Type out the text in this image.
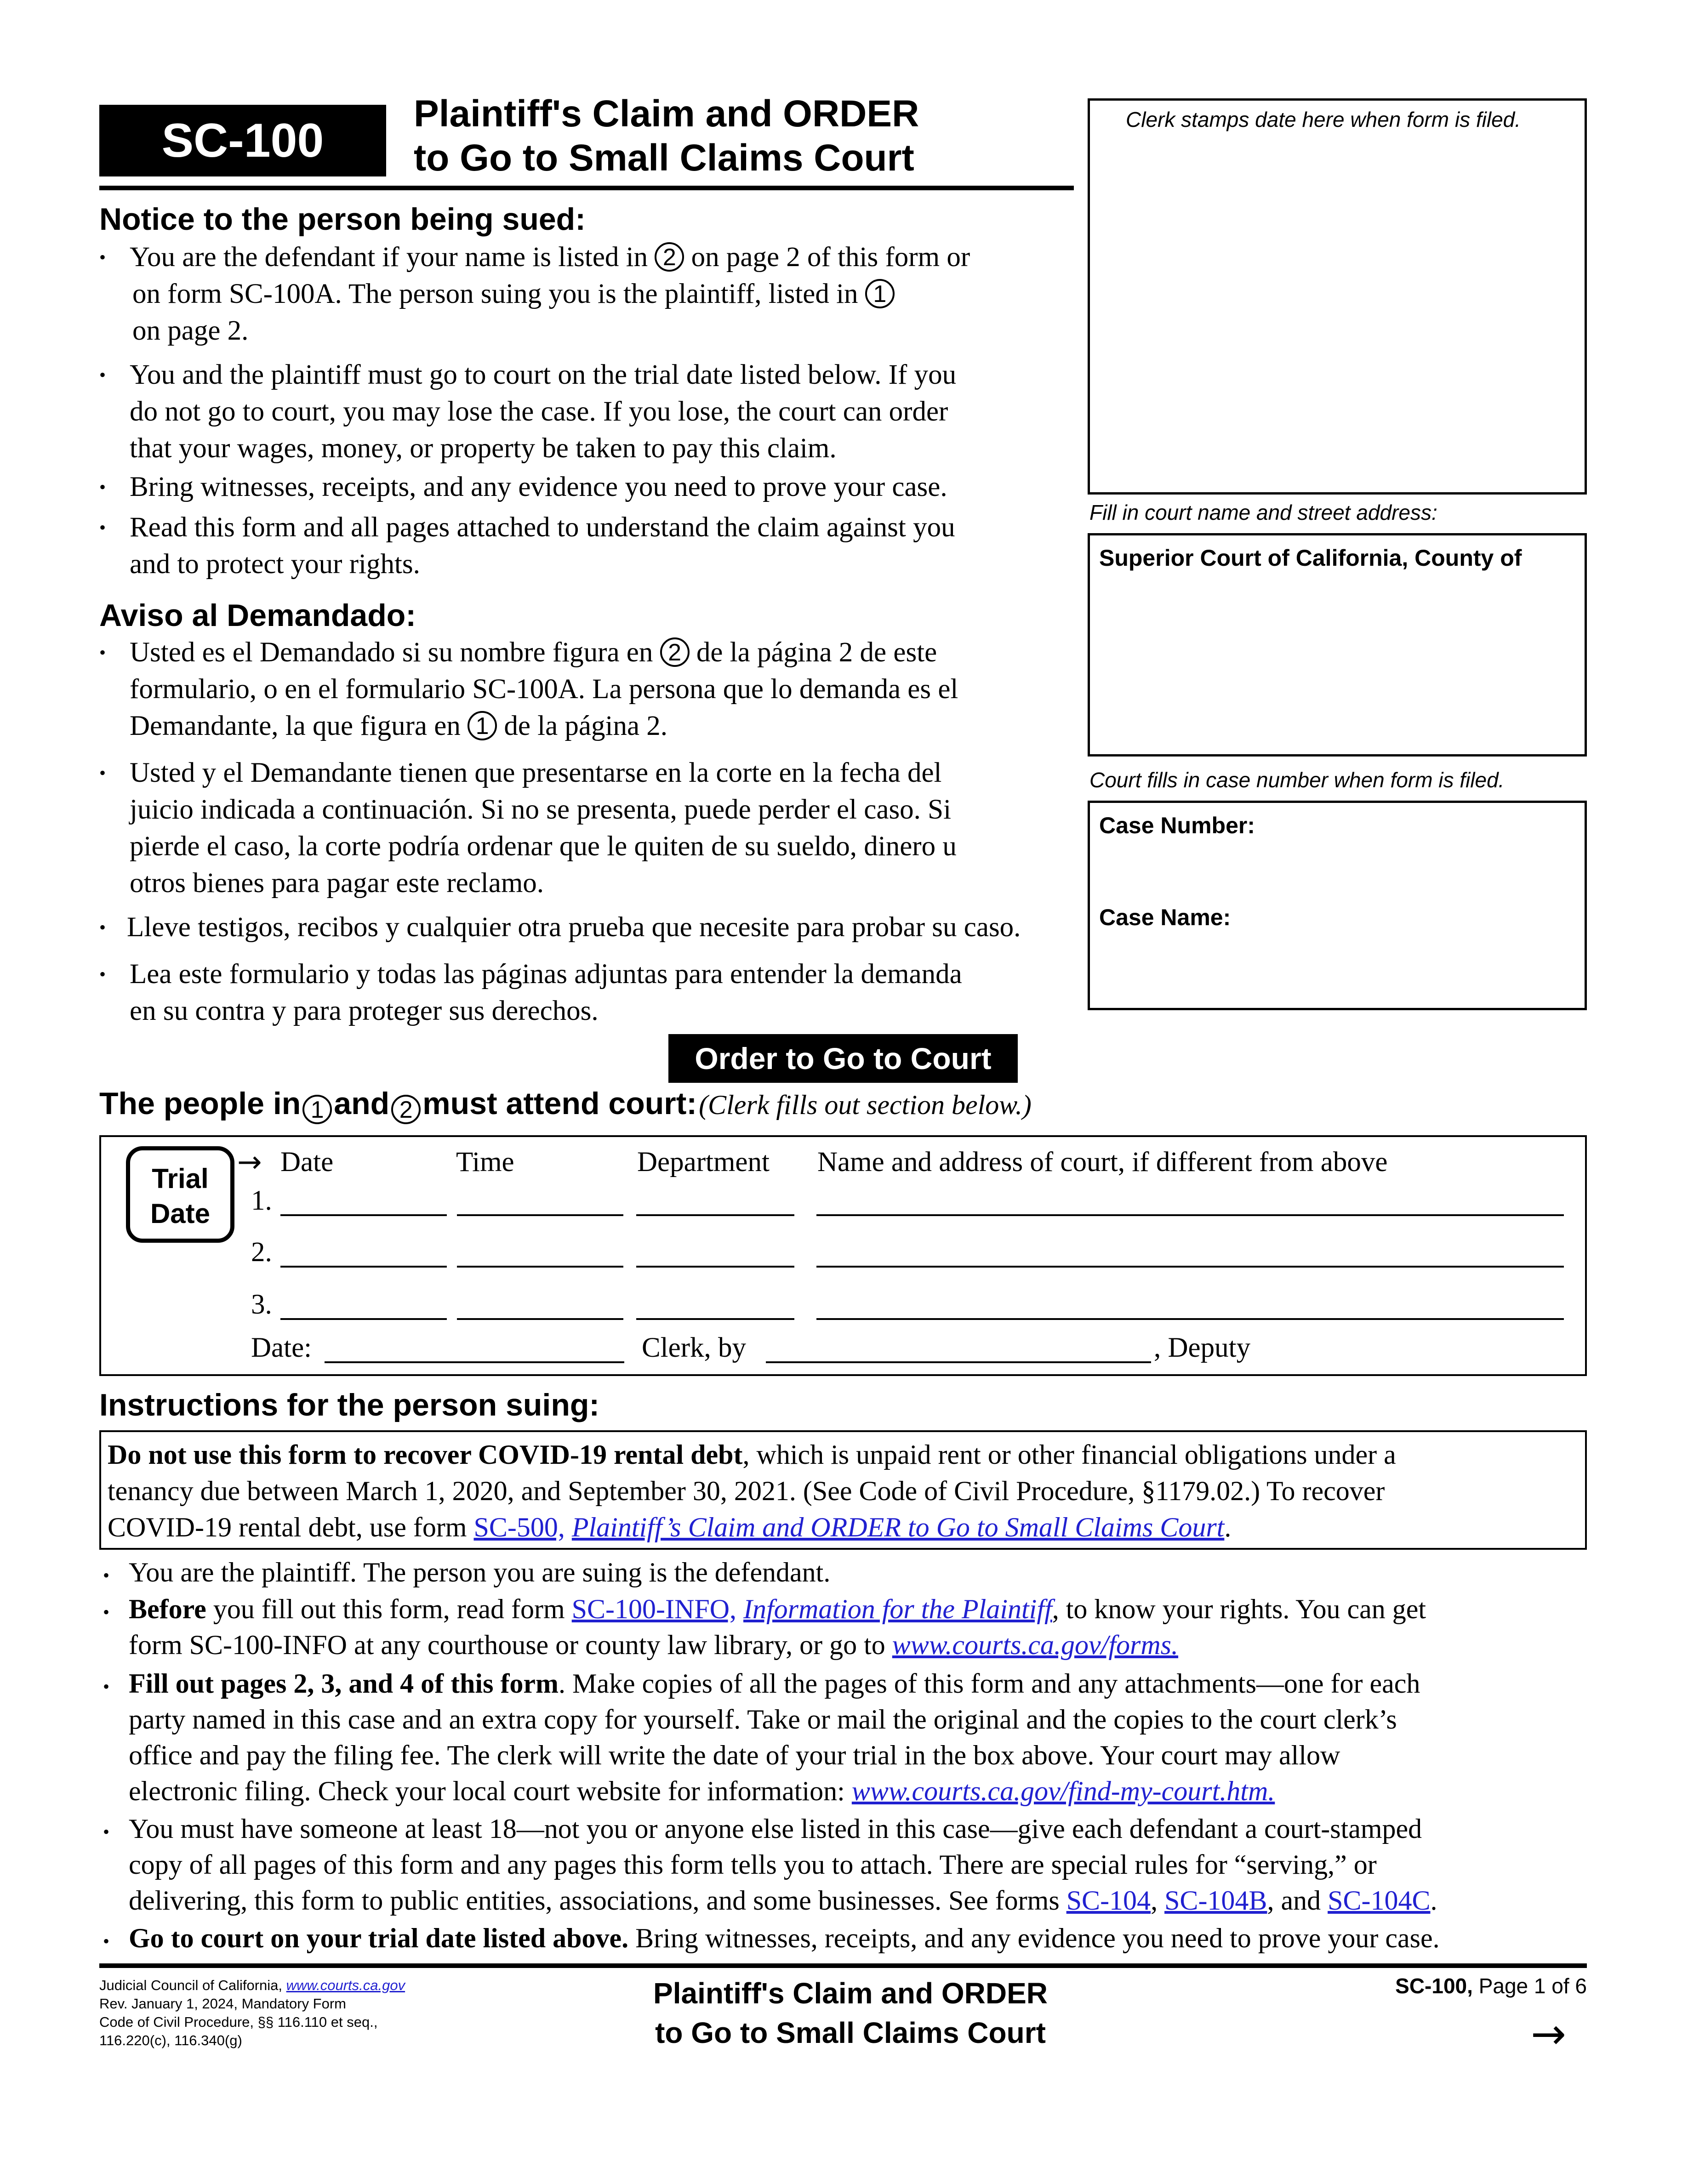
SC-100	Plaintiff's Claim and ORDER
to Go to Small Claims Court
Clerk stamps date here when form is filed.
Fill in court name and street address:
Superior Court of California, County of
Court fills in case number when form is filed.
Case Number:
Case Name:
Notice to the person being sued:
• You are the defendant if your name is listed in 2 on page 2 of this form or
on form SC-100A. The person suing you is the plaintiff, listed in 1
on page 2.
• You and the plaintiff must go to court on the trial date listed below. If you
do not go to court, you may lose the case. If you lose, the court can order
that your wages, money, or property be taken to pay this claim.
• Bring witnesses, receipts, and any evidence you need to prove your case.
• Read this form and all pages attached to understand the claim against you
and to protect your rights.
Aviso al Demandado:
• Usted es el Demandado si su nombre figura en 2 de la página 2 de este
formulario, o en el formulario SC-100A. La persona que lo demanda es el
Demandante, la que figura en 1 de la página 2.
• Usted y el Demandante tienen que presentarse en la corte en la fecha del
juicio indicada a continuación. Si no se presenta, puede perder el caso. Si
pierde el caso, la corte podría ordenar que le quiten de su sueldo, dinero u
otros bienes para pagar este reclamo.
• Lleve testigos, recibos y cualquier otra prueba que necesite para probar su caso.
• Lea este formulario y todas las páginas adjuntas para entender la demanda
en su contra y para proteger sus derechos.
Order to Go to Court
The people in 1 and 2 must attend court: (Clerk fills out section below.)
Trial
Date
→ Date	Time	Department Name and address of court, if different from above
1.
2.
3.
Date:	Clerk, by	, Deputy
Instructions for the person suing:
Do not use this form to recover COVID-19 rental debt, which is unpaid rent or other financial obligations under a
tenancy due between March 1, 2020, and September 30, 2021. (See Code of Civil Procedure, §1179.02.) To recover
COVID-19 rental debt, use form SC-500, Plaintiff’s Claim and ORDER to Go to Small Claims Court.
• You are the plaintiff. The person you are suing is the defendant.
• Before you fill out this form, read form SC-100-INFO, Information for the Plaintiff, to know your rights. You can get
form SC-100-INFO at any courthouse or county law library, or go to www.courts.ca.gov/forms.
• Fill out pages 2, 3, and 4 of this form. Make copies of all the pages of this form and any attachments—one for each
party named in this case and an extra copy for yourself. Take or mail the original and the copies to the court clerk’s
office and pay the filing fee. The clerk will write the date of your trial in the box above. Your court may allow
electronic filing. Check your local court website for information: www.courts.ca.gov/find-my-court.htm.
• You must have someone at least 18—not you or anyone else listed in this case—give each defendant a court-stamped
copy of all pages of this form and any pages this form tells you to attach. There are special rules for “serving,” or
delivering, this form to public entities, associations, and some businesses. See forms SC-104, SC-104B, and SC-104C.
• Go to court on your trial date listed above. Bring witnesses, receipts, and any evidence you need to prove your case.
Judicial Council of California, www.courts.ca.gov
Rev. January 1, 2024, Mandatory Form
Code of Civil Procedure, §§ 116.110 et seq.,
116.220(c), 116.340(g)
Plaintiff's Claim and ORDER
to Go to Small Claims Court
SC-100, Page 1 of 6
→
